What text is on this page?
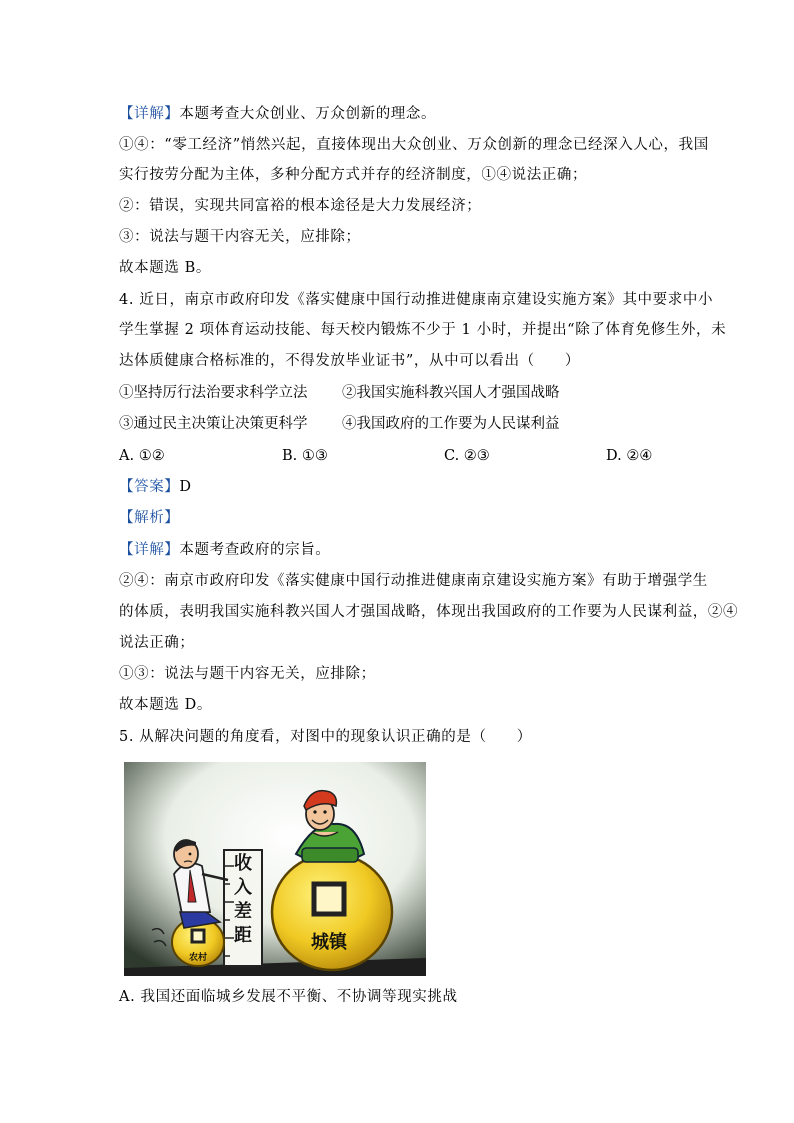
【详解】本题考查大众创业、万众创新的理念。
①④：“零工经济”悄然兴起，直接体现出大众创业、万众创新的理念已经深入人心，我国
实行按劳分配为主体，多种分配方式并存的经济制度，①④说法正确；
②：错误，实现共同富裕的根本途径是大力发展经济；
③：说法与题干内容无关，应排除；
故本题选 B。
4. 近日，南京市政府印发《落实健康中国行动推进健康南京建设实施方案》其中要求中小
学生掌握 2 项体育运动技能、每天校内锻炼不少于 1 小时，并提出“除了体育免修生外，未
达体质健康合格标准的，不得发放毕业证书”，从中可以看出（　　）
①坚持厉行法治要求科学立法 ②我国实施科教兴国人才强国战略
③通过民主决策让决策更科学 ④我国政府的工作要为人民谋利益
A. ①②	B. ①③	C. ②③	D. ②④
【答案】D
【解析】
【详解】本题考查政府的宗旨。
②④：南京市政府印发《落实健康中国行动推进健康南京建设实施方案》有助于增强学生
的体质，表明我国实施科教兴国人才强国战略，体现出我国政府的工作要为人民谋利益，②④
说法正确；
①③：说法与题干内容无关，应排除；
故本题选 D。
5. 从解决问题的角度看，对图中的现象认识正确的是（　　）
收
入
差
距	城镇
农村
A. 我国还面临城乡发展不平衡、不协调等现实挑战
